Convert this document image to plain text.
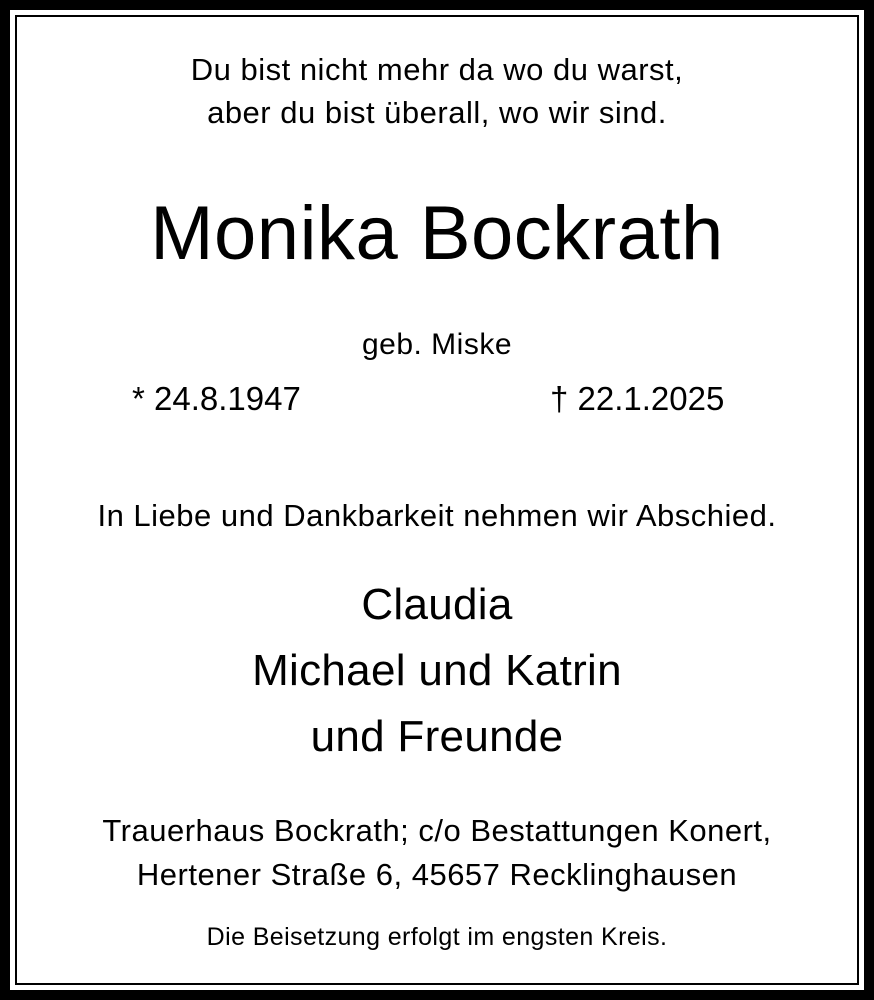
Du bist nicht mehr da wo du warst,
aber du bist überall, wo wir sind.
Monika Bockrath
geb. Miske
* 24.8.1947	† 22.1.2025
In Liebe und Dankbarkeit nehmen wir Abschied.
Claudia
Michael und Katrin
und Freunde
Trauerhaus Bockrath; c/o Bestattungen Konert,
Hertener Straße 6, 45657 Recklinghausen
Die Beisetzung erfolgt im engsten Kreis.
